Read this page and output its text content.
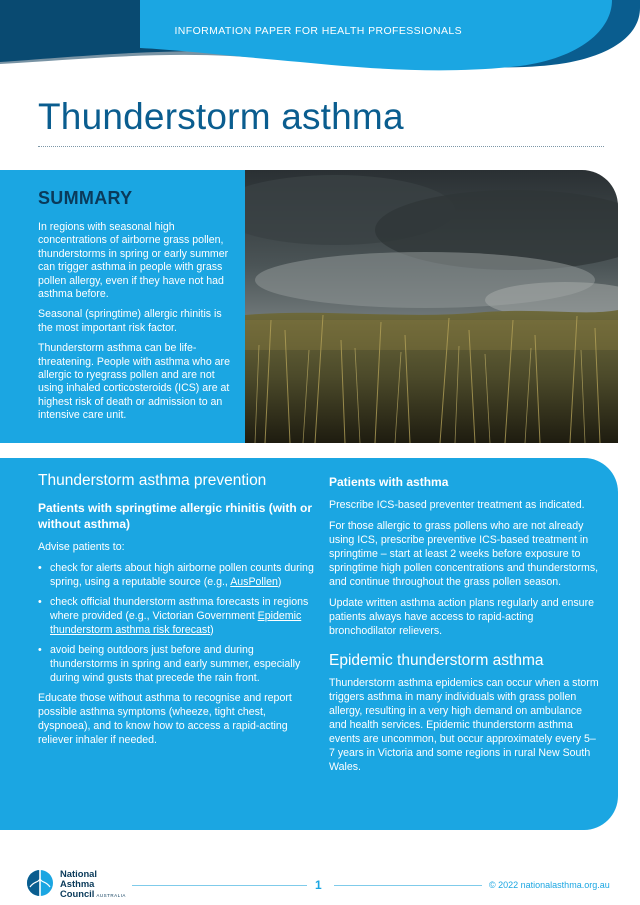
INFORMATION PAPER FOR HEALTH PROFESSIONALS
Thunderstorm asthma
SUMMARY

In regions with seasonal high concentrations of airborne grass pollen, thunderstorms in spring or early summer can trigger asthma in people with grass pollen allergy, even if they have not had asthma before.

Seasonal (springtime) allergic rhinitis is the most important risk factor.

Thunderstorm asthma can be life-threatening. People with asthma who are allergic to ryegrass pollen and are not using inhaled corticosteroids (ICS) are at highest risk of death or admission to an intensive care unit.

Thunderstorm asthma prevention
Patients with springtime allergic rhinitis (with or without asthma)

Advise patients to:

• check for alerts about high airborne pollen counts during spring, using a reputable source (e.g., AusPollen)
• check official thunderstorm asthma forecasts in regions where provided (e.g., Victorian Government Epidemic thunderstorm asthma risk forecast)
• avoid being outdoors just before and during thunderstorms in spring and early summer, especially during wind gusts that precede the rain front.

Educate those without asthma to recognise and report possible asthma symptoms (wheeze, tight chest, dyspnoea), and to know how to access a rapid-acting reliever inhaler if needed.

Patients with asthma

Prescribe ICS-based preventer treatment as indicated.

For those allergic to grass pollens who are not already using ICS, prescribe preventive ICS-based treatment in springtime – start at least 2 weeks before exposure to springtime high pollen concentrations and thunderstorms, and continue throughout the grass pollen season.

Update written asthma action plans regularly and ensure patients always have access to rapid-acting bronchodilator relievers.

Epidemic thunderstorm asthma

Thunderstorm asthma epidemics can occur when a storm triggers asthma in many individuals with grass pollen allergy, resulting in a very high demand on ambulance and health services. Epidemic thunderstorm asthma events are uncommon, but occur approximately every 5–7 years in Victoria and some regions in rural New South Wales.

National
Asthma
Council AUSTRALIA
1	© 2022 nationalasthma.org.au
